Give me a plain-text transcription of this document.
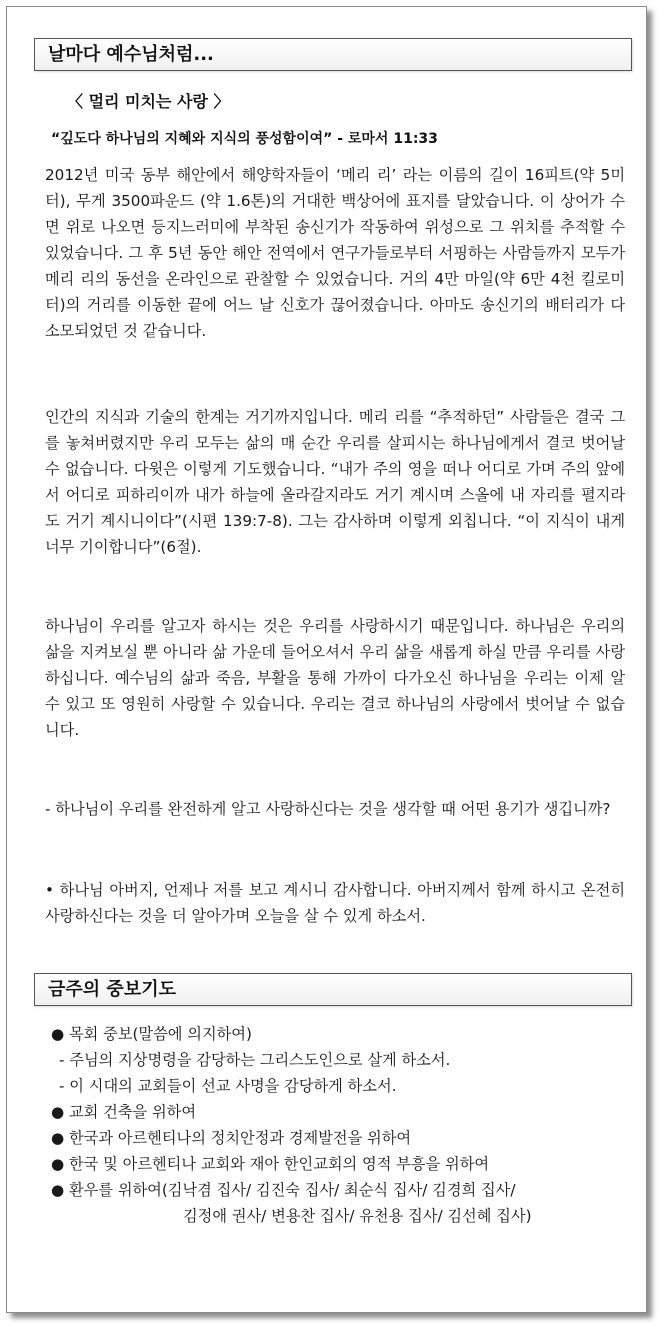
날마다 예수님처럼...
〈 멀리 미치는 사랑 〉
“깊도다 하나님의 지혜와 지식의 풍성함이여” - 로마서 11:33
2012년 미국 동부 해안에서 해양학자들이 ‘메리 리’ 라는 이름의 길이 16피트(약 5미터), 무게 3500파운드 (약 1.6톤)의 거대한 백상어에 표지를 달았습니다. 이 상어가 수면 위로 나오면 등지느러미에 부착된 송신기가 작동하여 위성으로 그 위치를 추적할 수 있었습니다. 그 후 5년 동안 해안 전역에서 연구가들로부터 서핑하는 사람들까지 모두가 메리 리의 동선을 온라인으로 관찰할 수 있었습니다. 거의 4만 마일(약 6만 4천 킬로미터)의 거리를 이동한 끝에 어느 날 신호가 끊어졌습니다. 아마도 송신기의 배터리가 다 소모되었던 것 같습니다.
인간의 지식과 기술의 한계는 거기까지입니다. 메리 리를 “추적하던” 사람들은 결국 그를 놓쳐버렸지만 우리 모두는 삶의 매 순간 우리를 살피시는 하나님에게서 결코 벗어날 수 없습니다. 다윗은 이렇게 기도했습니다. “내가 주의 영을 떠나 어디로 가며 주의 앞에서 어디로 피하리이까 내가 하늘에 올라갈지라도 거기 계시며 스올에 내 자리를 펼지라도 거기 계시니이다”(시편 139:7-8). 그는 감사하며 이렇게 외칩니다. “이 지식이 내게 너무 기이합니다”(6절).
하나님이 우리를 알고자 하시는 것은 우리를 사랑하시기 때문입니다. 하나님은 우리의 삶을 지켜보실 뿐 아니라 삶 가운데 들어오셔서 우리 삶을 새롭게 하실 만큼 우리를 사랑하십니다. 예수님의 삶과 죽음, 부활을 통해 가까이 다가오신 하나님을 우리는 이제 알 수 있고 또 영원히 사랑할 수 있습니다. 우리는 결코 하나님의 사랑에서 벗어날 수 없습니다.
- 하나님이 우리를 완전하게 알고 사랑하신다는 것을 생각할 때 어떤 용기가 생깁니까?
• 하나님 아버지, 언제나 저를 보고 계시니 감사합니다. 아버지께서 함께 하시고 온전히 사랑하신다는 것을 더 알아가며 오늘을 살 수 있게 하소서.
금주의 중보기도
● 목회 중보(말씀에 의지하여)
- 주님의 지상명령을 감당하는 그리스도인으로 살게 하소서.
- 이 시대의 교회들이 선교 사명을 감당하게 하소서.
● 교회 건축을 위하여
● 한국과 아르헨티나의 정치안정과 경제발전을 위하여
● 한국 및 아르헨티나 교회와 재아 한인교회의 영적 부흥을 위하여
● 환우를 위하여(김낙겸 집사/ 김진숙 집사/ 최순식 집사/ 김경희 집사/
김정애 권사/ 변용찬 집사/ 유천용 집사/ 김선혜 집사)
